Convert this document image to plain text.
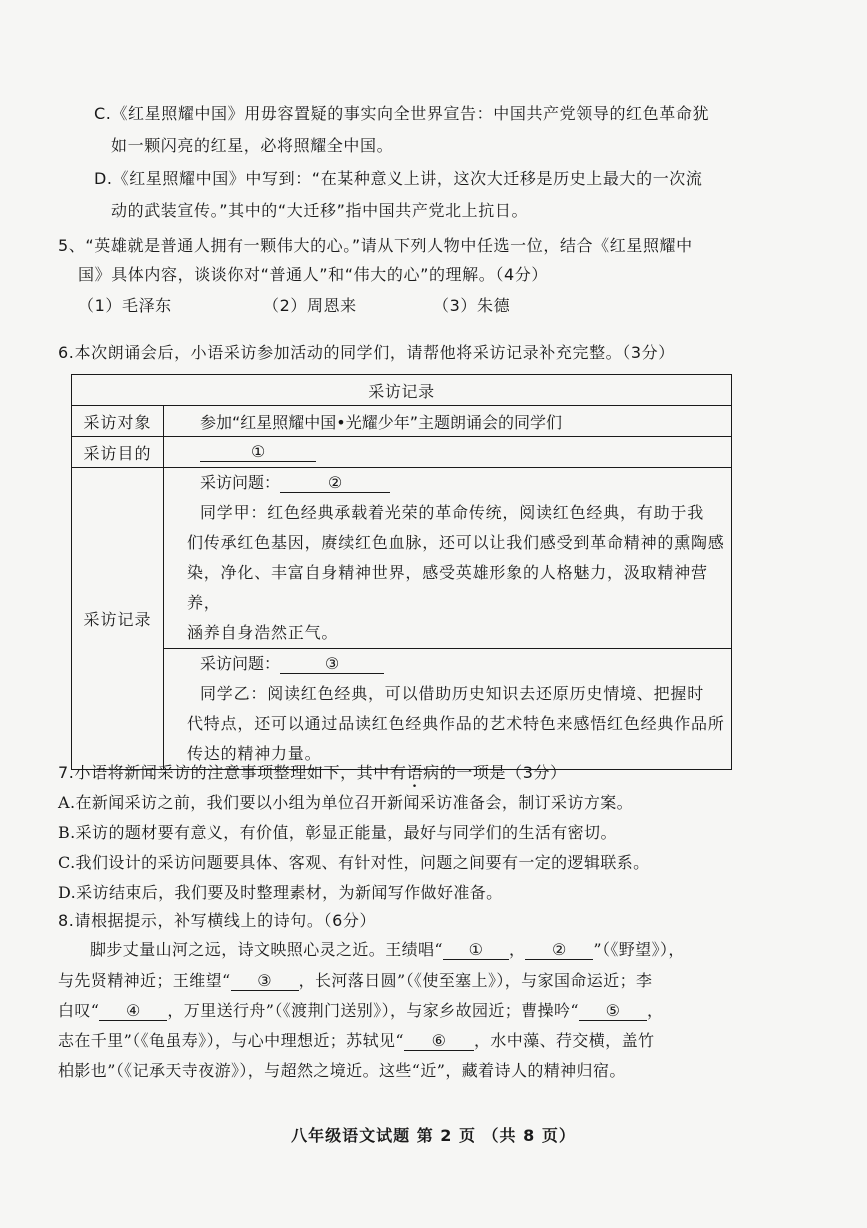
C.《红星照耀中国》用毋容置疑的事实向全世界宣告：中国共产党领导的红色革命犹

如一颗闪亮的红星，必将照耀全中国。

D.《红星照耀中国》中写到：“在某种意义上讲，这次大迁移是历史上最大的一次流

动的武装宣传。”其中的“大迁移”指中国共产党北上抗日。

5、“英雄就是普通人拥有一颗伟大的心。”请从下列人物中任选一位，结合《红星照耀中

国》具体内容，谈谈你对“普通人”和“伟大的心”的理解。（4分）

（1）毛泽东	（2）周恩来	（3）朱德

6.本次朗诵会后，小语采访参加活动的同学们，请帮他将采访记录补充完整。（3分）

采访记录	
采访对象	参加“红星照耀中国•光耀少年”主题朗诵会的同学们
采访目的	①
采访记录	采访问题： ②
同学甲：红色经典承载着光荣的革命传统，阅读红色经典，有助于我
们传承红色基因，赓续红色血脉，还可以让我们感受到革命精神的熏陶感
染，净化、丰富自身精神世界，感受英雄形象的人格魅力，汲取精神营养，
涵养自身浩然正气。

	采访问题： ③
同学乙：阅读红色经典，可以借助历史知识去还原历史情境、把握时
代特点，还可以通过品读红色经典作品的艺术特色来感悟红色经典作品所
传达的精神力量。

7.小语将新闻采访的注意事项整理如下，其中有语病的一项是（3分）

A.在新闻采访之前，我们要以小组为单位召开新闻采访准备会，制订采访方案。

B.采访的题材要有意义，有价值，彰显正能量，最好与同学们的生活有密切。

C.我们设计的采访问题要具体、客观、有针对性，问题之间要有一定的逻辑联系。

D.采访结束后，我们要及时整理素材，为新闻写作做好准备。

8.请根据提示，补写横线上的诗句。（6分）

脚步丈量山河之远，诗文映照心灵之近。王绩唱“ ① ， ② ”（《野望》），

与先贤精神近；王维望“ ③ ，长河落日圆”（《使至塞上》），与家国命运近；李

白叹“ ④ ，万里送行舟”（《渡荆门送别》），与家乡故园近；曹操吟“ ⑤ ，

志在千里”（《龟虽寿》），与心中理想近；苏轼见“ ⑥ ，水中藻、荇交横，盖竹

柏影也”（《记承天寺夜游》），与超然之境近。这些“近”，藏着诗人的精神归宿。

八年级语文试题 第 2 页 （共 8 页）
